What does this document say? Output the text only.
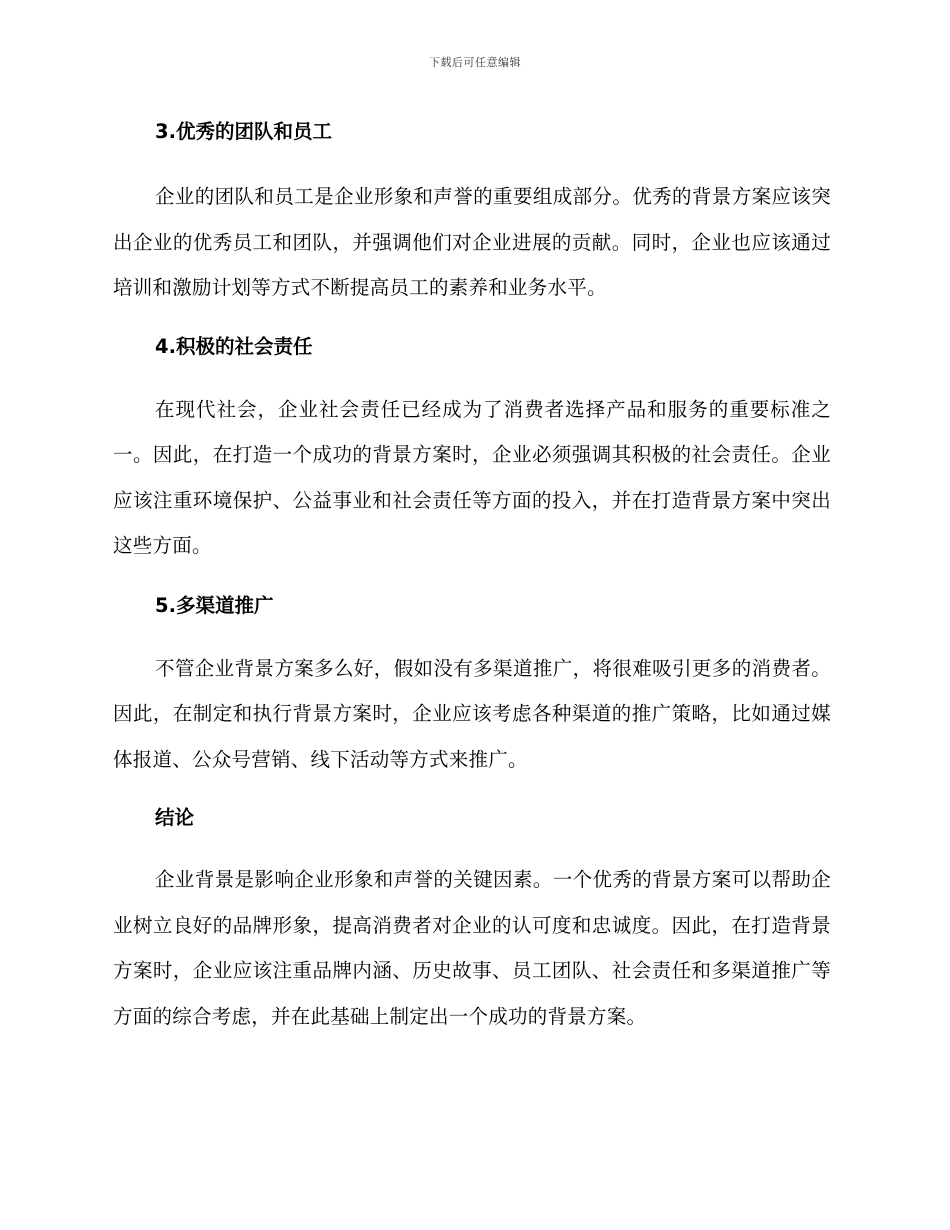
下载后可任意编辑
3.优秀的团队和员工

企业的团队和员工是企业形象和声誉的重要组成部分。优秀的背景方案应该突出企业的优秀员工和团队，并强调他们对企业进展的贡献。同时，企业也应该通过培训和激励计划等方式不断提高员工的素养和业务水平。

4.积极的社会责任

在现代社会，企业社会责任已经成为了消费者选择产品和服务的重要标准之一。因此，在打造一个成功的背景方案时，企业必须强调其积极的社会责任。企业应该注重环境保护、公益事业和社会责任等方面的投入，并在打造背景方案中突出这些方面。

5.多渠道推广

不管企业背景方案多么好，假如没有多渠道推广，将很难吸引更多的消费者。因此，在制定和执行背景方案时，企业应该考虑各种渠道的推广策略，比如通过媒体报道、公众号营销、线下活动等方式来推广。

结论

企业背景是影响企业形象和声誉的关键因素。一个优秀的背景方案可以帮助企业树立良好的品牌形象，提高消费者对企业的认可度和忠诚度。因此，在打造背景方案时，企业应该注重品牌内涵、历史故事、员工团队、社会责任和多渠道推广等方面的综合考虑，并在此基础上制定出一个成功的背景方案。
